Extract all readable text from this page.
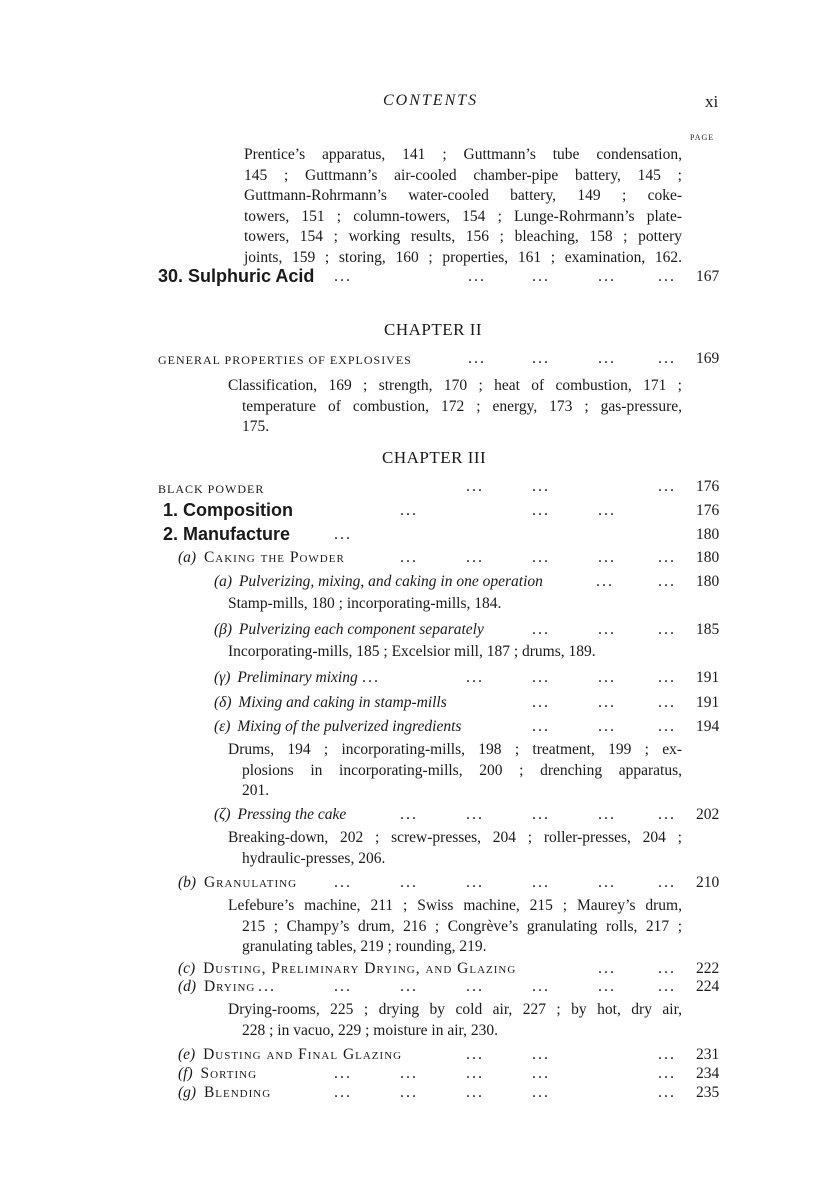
CONTENTS	xi
PAGE
Prentice’s apparatus, 141 ; Guttmann’s tube condensation,
145 ; Guttmann’s air-cooled chamber-pipe battery, 145 ;
Guttmann-Rohrmann’s water-cooled battery, 149 ; coke-
towers, 151 ; column-towers, 154 ; Lunge-Rohrmann’s plate-
towers, 154 ; working results, 156 ; bleaching, 158 ; pottery
joints, 159 ; storing, 160 ; properties, 161 ; examination, 162.
30. Sulphuric Acid ...	...	...	...	... 167
CHAPTER II
GENERAL PROPERTIES OF EXPLOSIVES	...	...	...	... 169
Classification, 169 ; strength, 170 ; heat of combustion, 171 ;
temperature of combustion, 172 ; energy, 173 ; gas-pressure,
175.
CHAPTER III
BLACK POWDER	...	...	... 176
1. Composition	...	...	...	176
2. Manufacture	...	180
(a) Caking the Powder	...	...	...	...	... 180
(a) Pulverizing, mixing, and caking in one operation	...	... 180
Stamp-mills, 180 ; incorporating-mills, 184.
(β) Pulverizing each component separately	...	...	... 185
Incorporating-mills, 185 ; Excelsior mill, 187 ; drums, 189.
(γ) Preliminary mixing ...	...	...	...	... 191
(δ) Mixing and caking in stamp-mills	...	...	... 191
(ε) Mixing of the pulverized ingredients	...	...	... 194
Drums, 194 ; incorporating-mills, 198 ; treatment, 199 ; ex-
plosions in incorporating-mills, 200 ; drenching apparatus,
201.
(ζ) Pressing the cake	...	...	...	...	... 202
Breaking-down, 202 ; screw-presses, 204 ; roller-presses, 204 ;
hydraulic-presses, 206.
(b) Granulating ...	...	...	...	...	... 210
Lefebure’s machine, 211 ; Swiss machine, 215 ; Maurey’s drum,
215 ; Champy’s drum, 216 ; Congrève’s granulating rolls, 217 ;
granulating tables, 219 ; rounding, 219.
(c) Dusting, Preliminary Drying, and Glazing	...	... 222
(d) Drying ...	...	...	...	...	...	... 224
Drying-rooms, 225 ; drying by cold air, 227 ; by hot, dry air,
228 ; in vacuo, 229 ; moisture in air, 230.
(e) Dusting and Final Glazing	...	...	... 231
(f) Sorting	...	...	...	...	... 234
(g) Blending	...	...	...	...	... 235
